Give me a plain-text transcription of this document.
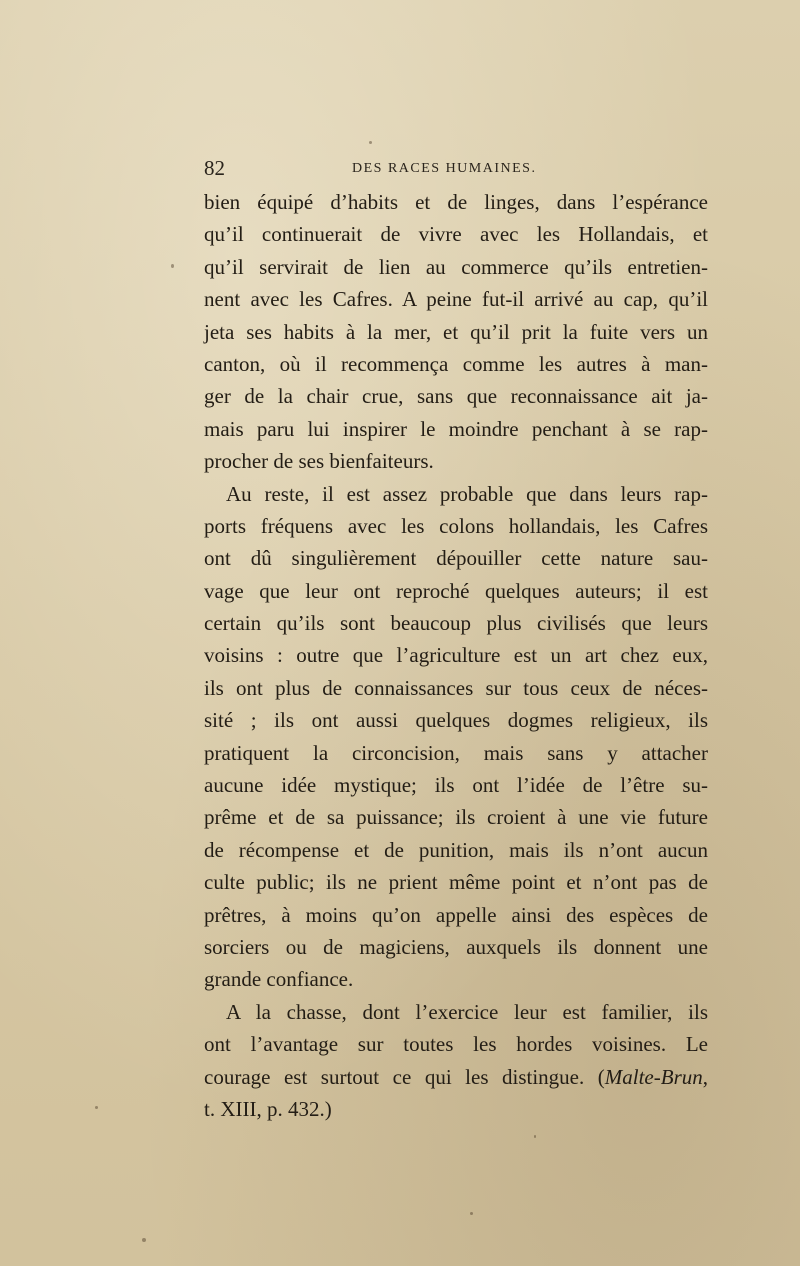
82	DES RACES HUMAINES.
bien équipé d’habits et de linges, dans l’espérance
qu’il continuerait de vivre avec les Hollandais, et
qu’il servirait de lien au commerce qu’ils entretien-
nent avec les Cafres. A peine fut-il arrivé au cap, qu’il
jeta ses habits à la mer, et qu’il prit la fuite vers un
canton, où il recommença comme les autres à man-
ger de la chair crue, sans que reconnaissance ait ja-
mais paru lui inspirer le moindre penchant à se rap-
procher de ses bienfaiteurs.
Au reste, il est assez probable que dans leurs rap-
ports fréquens avec les colons hollandais, les Cafres
ont dû singulièrement dépouiller cette nature sau-
vage que leur ont reproché quelques auteurs; il est
certain qu’ils sont beaucoup plus civilisés que leurs
voisins : outre que l’agriculture est un art chez eux,
ils ont plus de connaissances sur tous ceux de néces-
sité ; ils ont aussi quelques dogmes religieux, ils
pratiquent la circoncision, mais sans y attacher
aucune idée mystique; ils ont l’idée de l’être su-
prême et de sa puissance; ils croient à une vie future
de récompense et de punition, mais ils n’ont aucun
culte public; ils ne prient même point et n’ont pas de
prêtres, à moins qu’on appelle ainsi des espèces de
sorciers ou de magiciens, auxquels ils donnent une
grande confiance.
A la chasse, dont l’exercice leur est familier, ils
ont l’avantage sur toutes les hordes voisines. Le
courage est surtout ce qui les distingue. (Malte-Brun,
t. XIII, p. 432.)
